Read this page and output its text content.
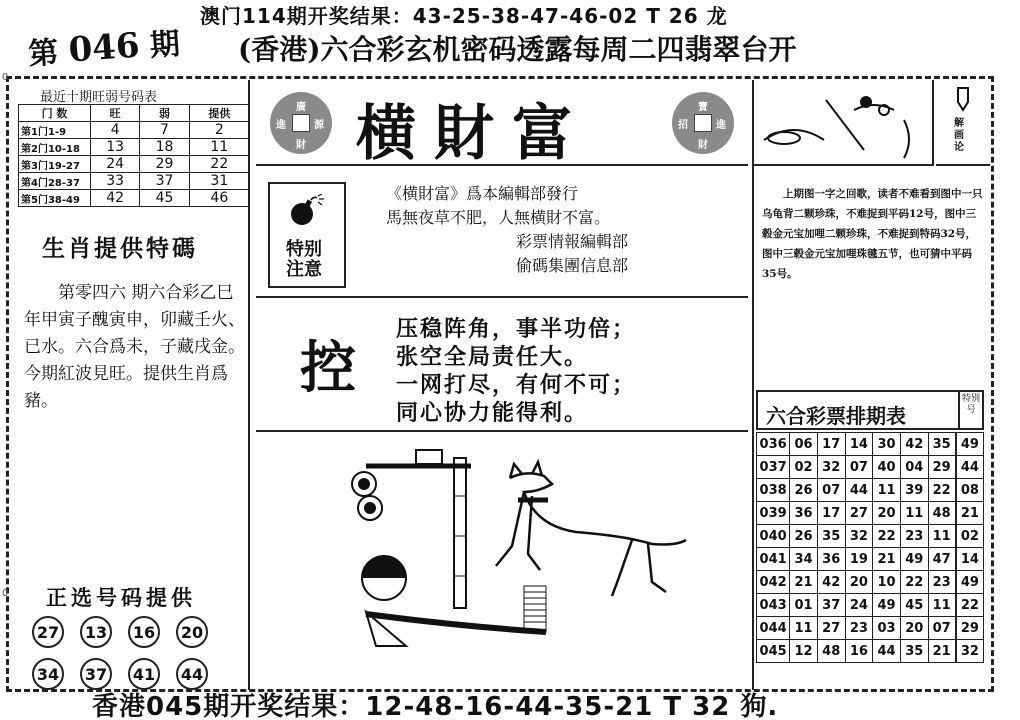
澳门114期开奖结果：43-25-38-47-46-02 T 26 龙
第 046 期 (香港)六合彩玄机密码透露每周二四翡翠台开
0
0
最近十期旺弱号码表
门 数	旺	弱	提供
第1门1-9	4	7	2
第2门10-18	13	18	11
第3门19-27	24	29	22
第4门28-37	33	37	31
第5门38-49	42	45	46
生肖提供特碼
第零四六 期六合彩乙巳年甲寅子醜寅申，卯藏壬火、已水。六合爲未，子藏戌金。今期紅波見旺。提供生肖爲豬。
正选号码提供
27	13	16	20
34	37	41	44
廣
進	源
財 横財富	寶
招	進
財
特别
注意
《横財富》爲本編輯部發行
馬無夜草不肥，人無横財不富。
彩票情報編輯部
偷碼集團信息部
控
压稳阵角，事半功倍；
张空全局责任大。
一网打尽，有何不可；
同心协力能得利。
解画论
上期图一字之回歌，读者不难看到图中一只乌龟背二颗珍珠，不难捉到平码12号，图中三毂金元宝加哩二颗珍珠，不难捉到特码32号，图中三毂金元宝加哩珠毽五节，也可猜中平码35号。
六合彩票排期表
特别号
036	06	17	14	30	42	35	49
037	02	32	07	40	04	29	44
038	26	07	44	11	39	22	08
039	36	17	27	20	11	48	21
040	26	35	32	22	23	11	02
041	34	36	19	21	49	47	14
042	21	42	20	10	22	23	49
043	01	37	24	49	45	11	22
044	11	27	23	03	20	07	29
045	12	48	16	44	35	21	32
香港045期开奖结果：12-48-16-44-35-21 T 32 狗.
